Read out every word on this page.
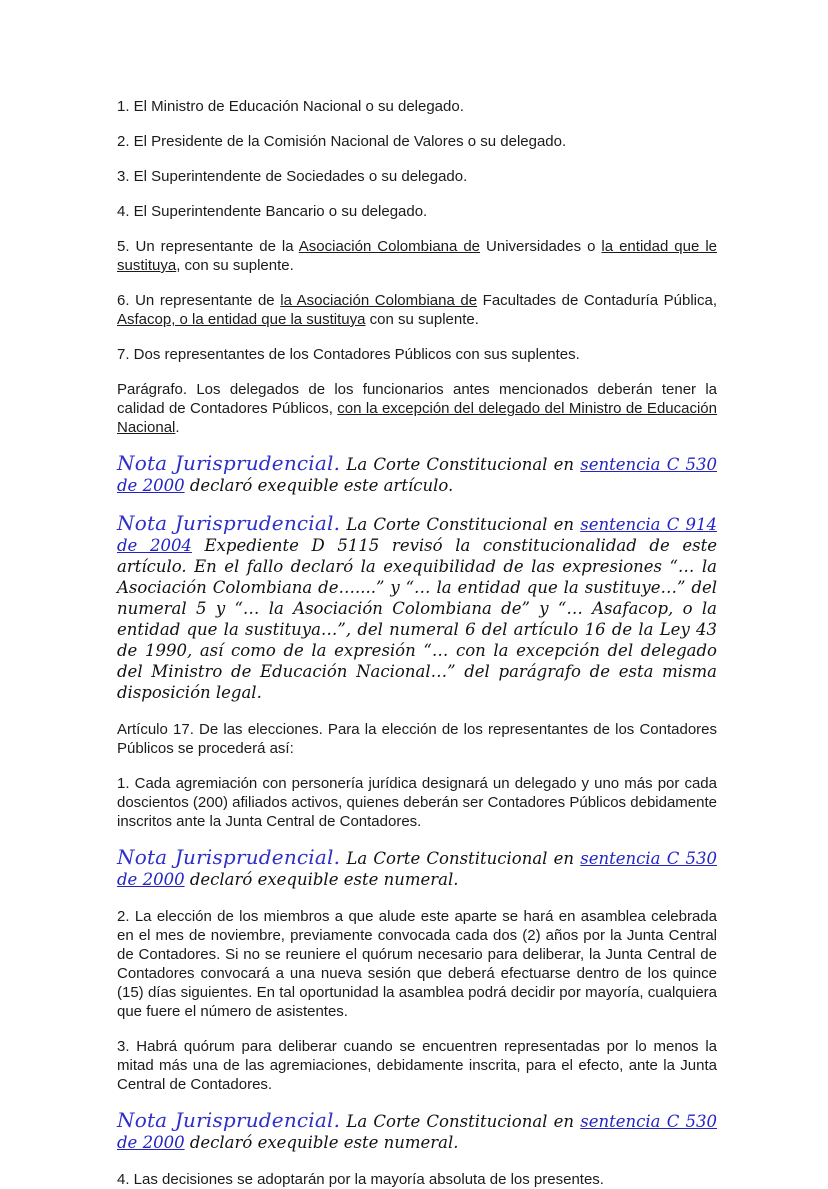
1. El Ministro de Educación Nacional o su delegado.

2. El Presidente de la Comisión Nacional de Valores o su delegado.

3. El Superintendente de Sociedades o su delegado.

4. El Superintendente Bancario o su delegado.

5. Un representante de la Asociación Colombiana de Universidades o la entidad que le sustituya, con su suplente.

6. Un representante de la Asociación Colombiana de Facultades de Contaduría Pública, Asfacop, o la entidad que la sustituya con su suplente.

7. Dos representantes de los Contadores Públicos con sus suplentes.

Parágrafo. Los delegados de los funcionarios antes mencionados deberán tener la calidad de Contadores Públicos, con la excepción del delegado del Ministro de Educación Nacional.

Nota Jurisprudencial. La Corte Constitucional en sentencia C 530 de 2000 declaró exequible este artículo.

Nota Jurisprudencial. La Corte Constitucional en sentencia C 914 de 2004 Expediente D 5115 revisó la constitucionalidad de este artículo. En el fallo declaró la exequibilidad de las expresiones “… la Asociación Colombiana de…....” y “… la entidad que la sustituye…” del numeral 5 y “… la Asociación Colombiana de” y “… Asafacop, o la entidad que la sustituya…”, del numeral 6 del artículo 16 de la Ley 43 de 1990, así como de la expresión “… con la excepción del delegado del Ministro de Educación Nacional…” del parágrafo de esta misma disposición legal.

Artículo 17. De las elecciones. Para la elección de los representantes de los Contadores Públicos se procederá así:

1. Cada agremiación con personería jurídica designará un delegado y uno más por cada doscientos (200) afiliados activos, quienes deberán ser Contadores Públicos debidamente inscritos ante la Junta Central de Contadores.

Nota Jurisprudencial. La Corte Constitucional en sentencia C 530 de 2000 declaró exequible este numeral.

2. La elección de los miembros a que alude este aparte se hará en asamblea celebrada en el mes de noviembre, previamente convocada cada dos (2) años por la Junta Central de Contadores. Si no se reuniere el quórum necesario para deliberar, la Junta Central de Contadores convocará a una nueva sesión que deberá efectuarse dentro de los quince (15) días siguientes. En tal oportunidad la asamblea podrá decidir por mayoría, cualquiera que fuere el número de asistentes.

3. Habrá quórum para deliberar cuando se encuentren representadas por lo menos la mitad más una de las agremiaciones, debidamente inscrita, para el efecto, ante la Junta Central de Contadores.

Nota Jurisprudencial. La Corte Constitucional en sentencia C 530 de 2000 declaró exequible este numeral.

4. Las decisiones se adoptarán por la mayoría absoluta de los presentes.
